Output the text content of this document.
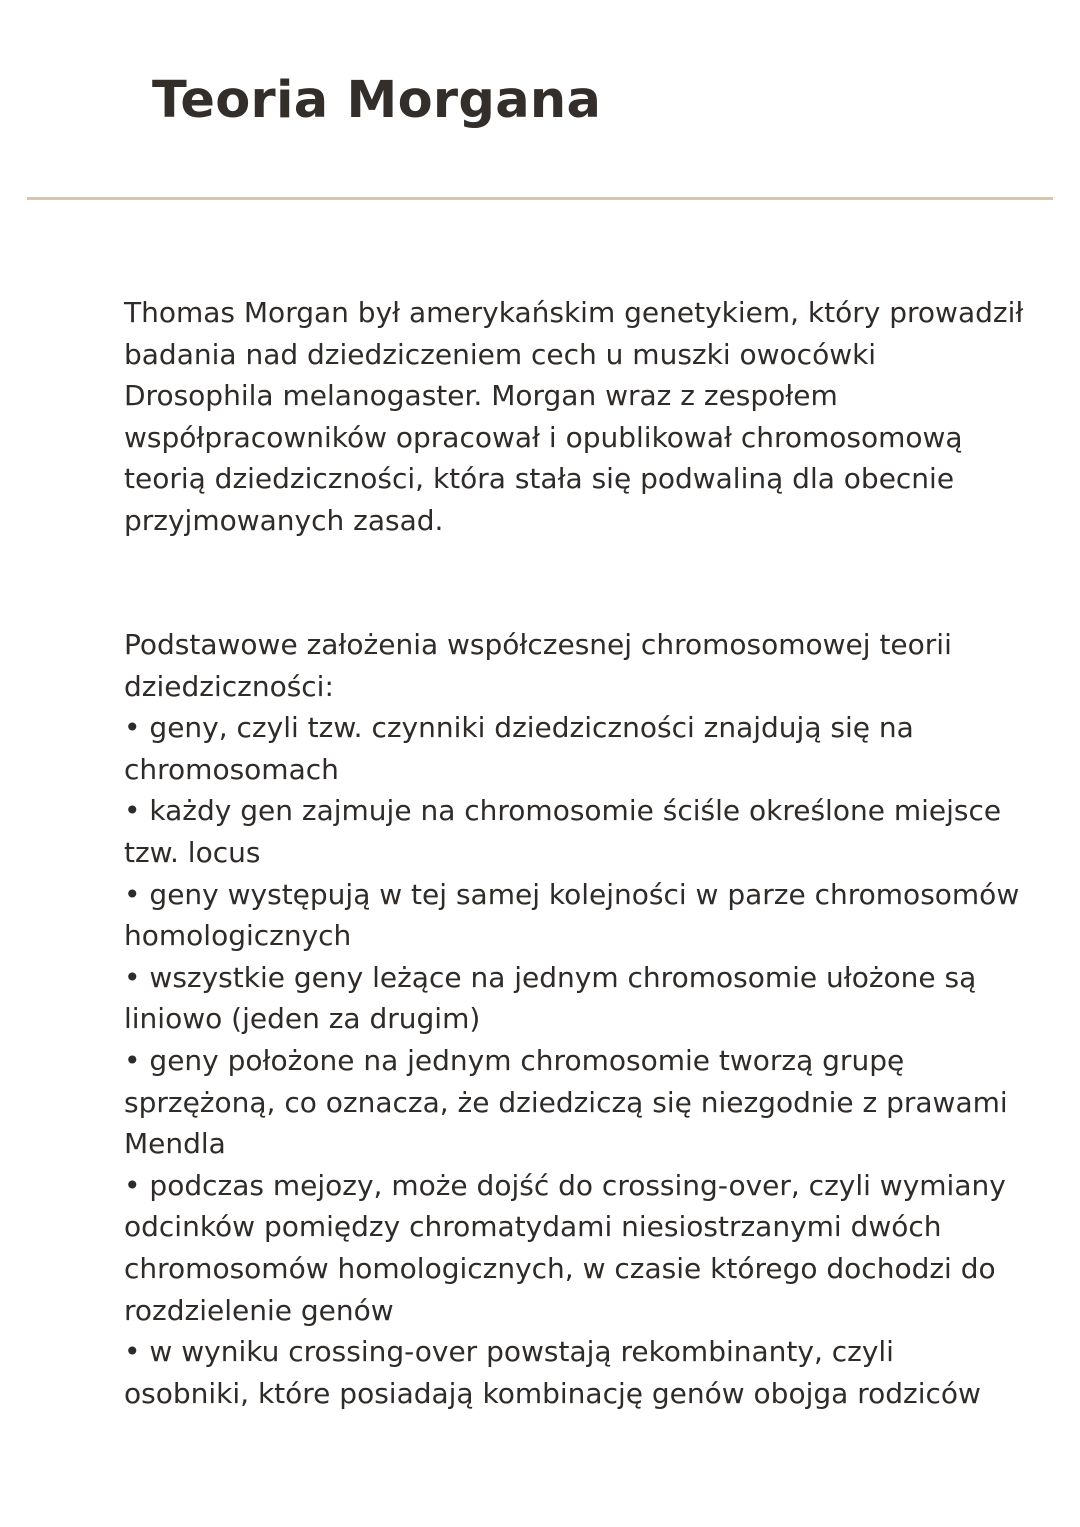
Teoria Morgana

Thomas Morgan był amerykańskim genetykiem, który prowadził badania nad dziedziczeniem cech u muszki owocówki Drosophila melanogaster. Morgan wraz z zespołem współpracowników opracował i opublikował chromosomową teorią dziedziczności, która stała się podwaliną dla obecnie przyjmowanych zasad.

Podstawowe założenia współczesnej chromosomowej teorii dziedziczności:

• geny, czyli tzw. czynniki dziedziczności znajdują się na chromosomach
• każdy gen zajmuje na chromosomie ściśle określone miejsce tzw. locus
• geny występują w tej samej kolejności w parze chromosomów homologicznych
• wszystkie geny leżące na jednym chromosomie ułożone są liniowo (jeden za drugim)
• geny położone na jednym chromosomie tworzą grupę sprzężoną, co oznacza, że dziedziczą się niezgodnie z prawami Mendla
• podczas mejozy, może dojść do crossing-over, czyli wymiany odcinków pomiędzy chromatydami niesiostrzanymi dwóch chromosomów homologicznych, w czasie którego dochodzi do rozdzielenie genów
• w wyniku crossing-over powstają rekombinanty, czyli osobniki, które posiadają kombinację genów obojga rodziców
